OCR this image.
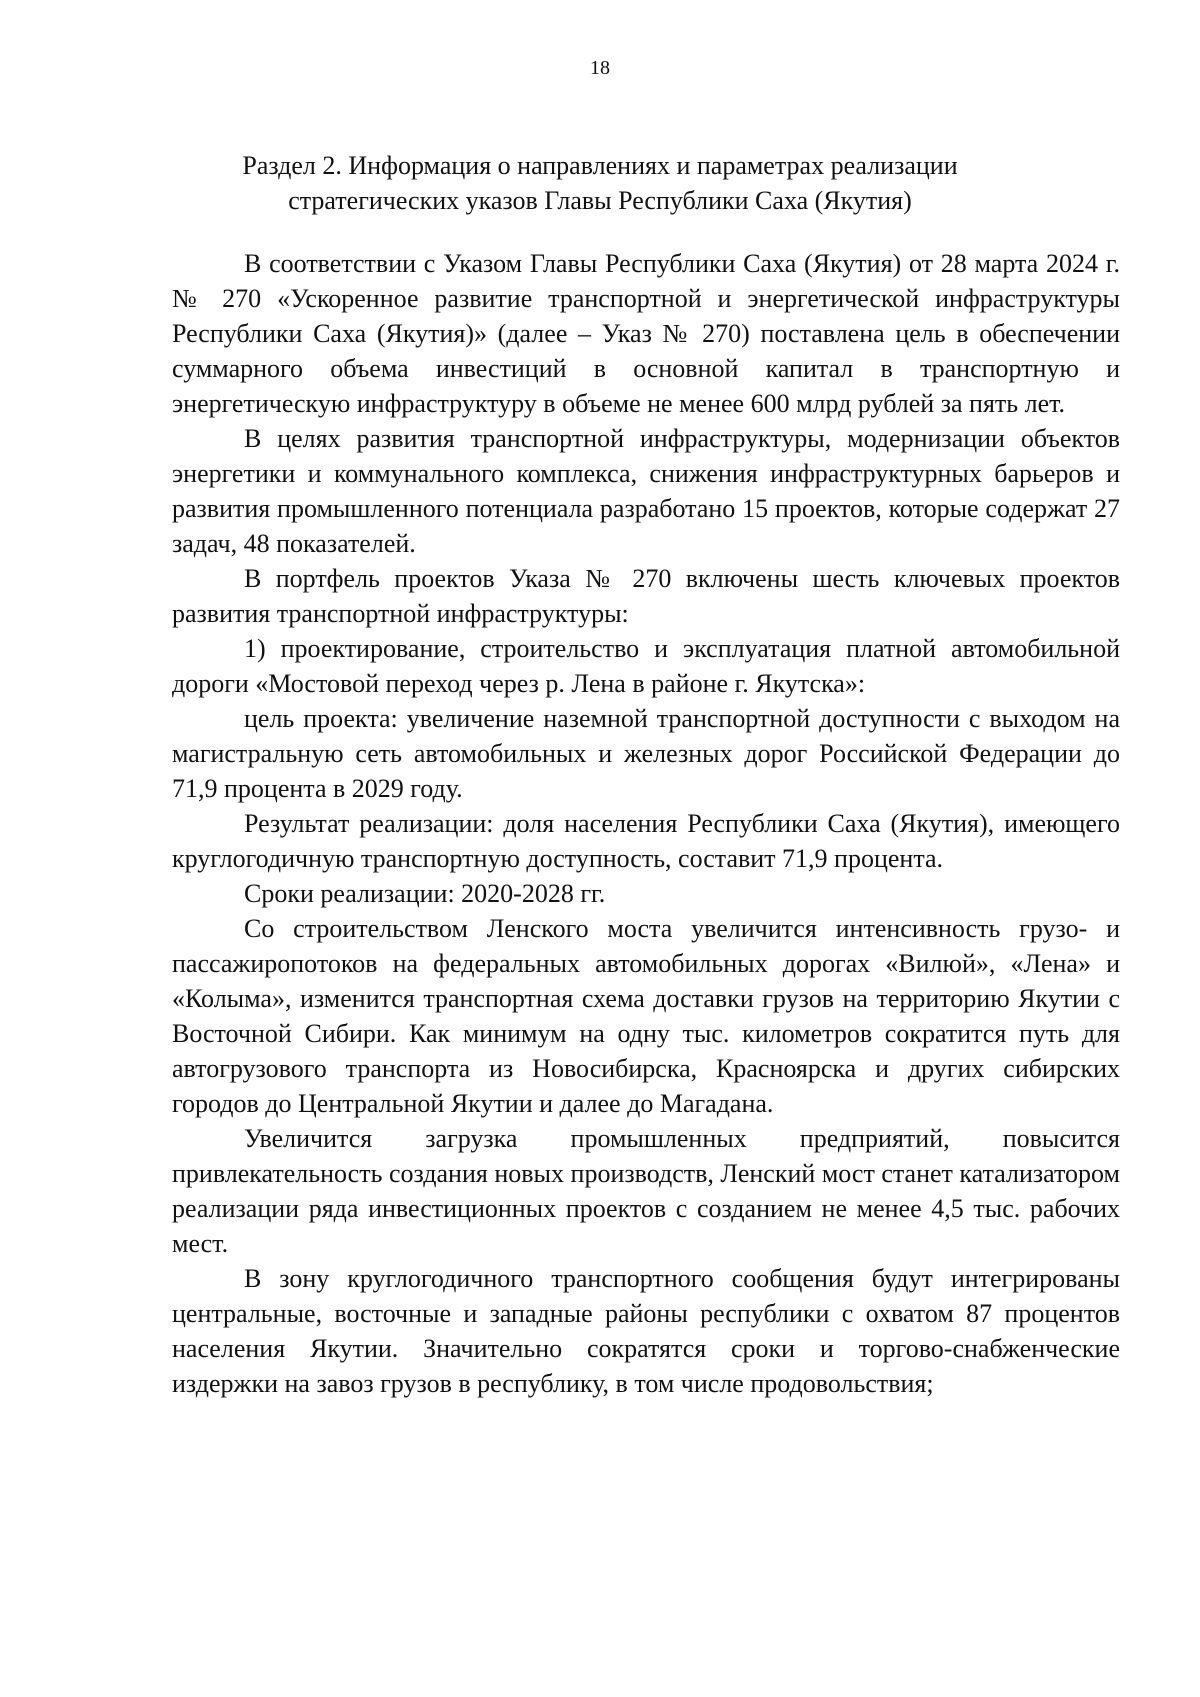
18
Раздел 2. Информация о направлениях и параметрах реализации
стратегических указов Главы Республики Саха (Якутия)

В соответствии с Указом Главы Республики Саха (Якутия) от 28 марта 2024 г. № 270 «Ускоренное развитие транспортной и энергетической инфраструктуры Республики Саха (Якутия)» (далее – Указ № 270) поставлена цель в обеспечении суммарного объема инвестиций в основной капитал в транспортную и энергетическую инфраструктуру в объеме не менее 600 млрд рублей за пять лет.

В целях развития транспортной инфраструктуры, модернизации объектов энергетики и коммунального комплекса, снижения инфраструктурных барьеров и развития промышленного потенциала разработано 15 проектов, которые содержат 27 задач, 48 показателей.

В портфель проектов Указа № 270 включены шесть ключевых проектов развития транспортной инфраструктуры:

1) проектирование, строительство и эксплуатация платной автомобильной дороги «Мостовой переход через р. Лена в районе г. Якутска»:

цель проекта: увеличение наземной транспортной доступности с выходом на магистральную сеть автомобильных и железных дорог Российской Федерации до 71,9 процента в 2029 году.

Результат реализации: доля населения Республики Саха (Якутия), имеющего круглогодичную транспортную доступность, составит 71,9 процента.

Сроки реализации: 2020-2028 гг.

Со строительством Ленского моста увеличится интенсивность грузо- и пассажиропотоков на федеральных автомобильных дорогах «Вилюй», «Лена» и «Колыма», изменится транспортная схема доставки грузов на территорию Якутии с Восточной Сибири. Как минимум на одну тыс. километров сократится путь для автогрузового транспорта из Новосибирска, Красноярска и других сибирских городов до Центральной Якутии и далее до Магадана.

Увеличится загрузка промышленных предприятий, повысится привлекательность создания новых производств, Ленский мост станет катализатором реализации ряда инвестиционных проектов с созданием не менее 4,5 тыс. рабочих мест.

В зону круглогодичного транспортного сообщения будут интегрированы центральные, восточные и западные районы республики с охватом 87 процентов населения Якутии. Значительно сократятся сроки и торгово-снабженческие издержки на завоз грузов в республику, в том числе продовольствия;
